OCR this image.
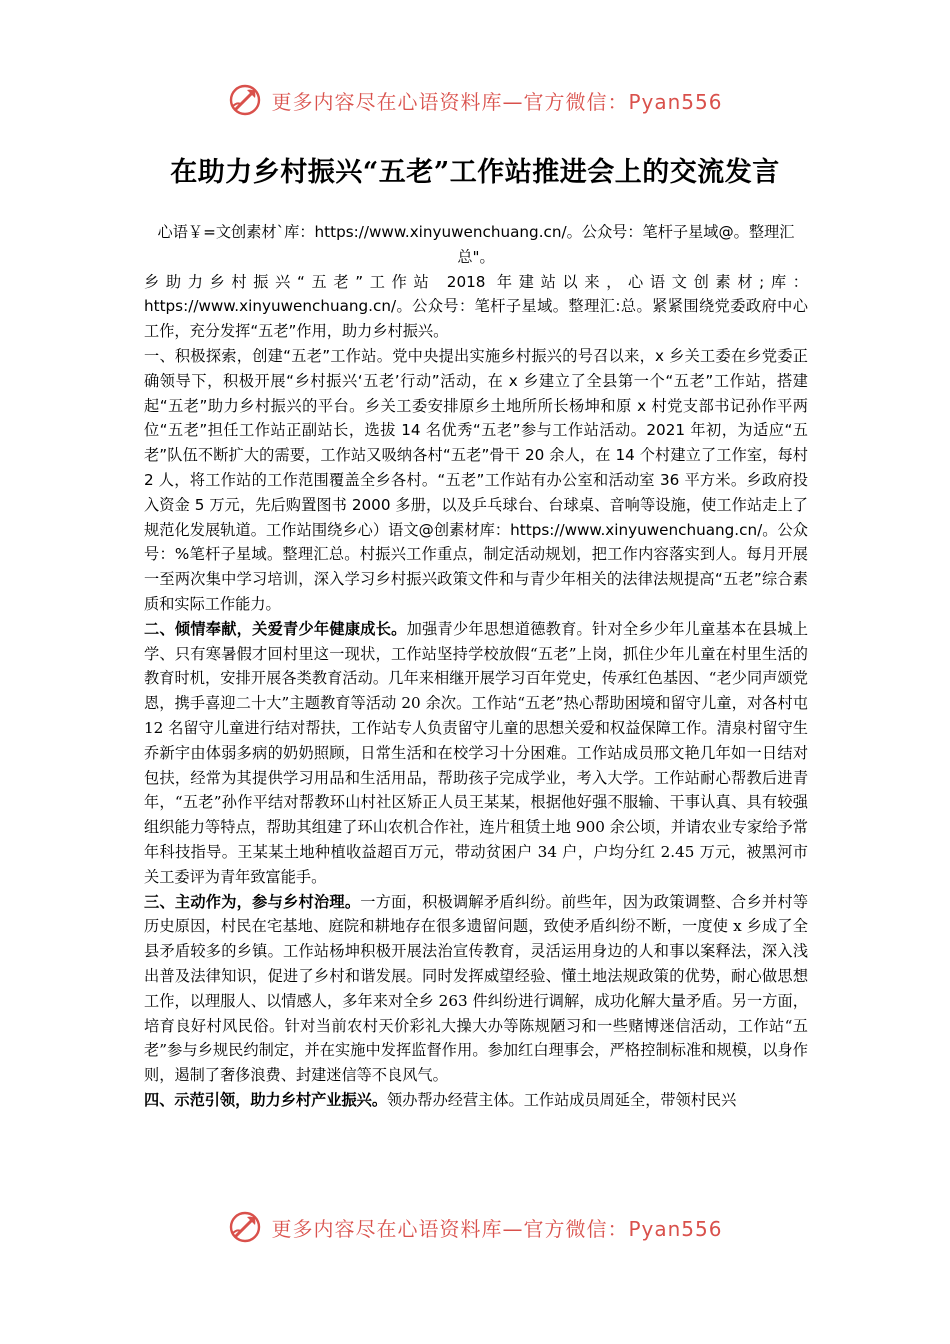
更多内容尽在心语资料库—官方微信：Pyan556
在助力乡村振兴“五老”工作站推进会上的交流发言

心语￥=文创素材`库：https://www.xinyuwenchuang.cn/。公众号：笔杆子星域@。整理汇总"。

乡助力乡村振兴“五老”工作站 2018 年建站以来，心语文创素材;库：https://www.xinyuwenchuang.cn/。公众号：笔杆子星域。整理汇:总。紧紧围绕党委政府中心工作，充分发挥“五老”作用，助力乡村振兴。

一、积极探索，创建“五老”工作站。党中央提出实施乡村振兴的号召以来，x 乡关工委在乡党委正确领导下，积极开展“乡村振兴‘五老’行动”活动，在 x 乡建立了全县第一个“五老”工作站，搭建起“五老”助力乡村振兴的平台。乡关工委安排原乡土地所所长杨坤和原 x 村党支部书记孙作平两位“五老”担任工作站正副站长，选拔 14 名优秀“五老”参与工作站活动。2021 年初，为适应“五老”队伍不断扩大的需要，工作站又吸纳各村“五老”骨干 20 余人，在 14 个村建立了工作室，每村 2 人，将工作站的工作范围覆盖全乡各村。“五老”工作站有办公室和活动室 36 平方米。乡政府投入资金 5 万元，先后购置图书 2000 多册，以及乒乓球台、台球桌、音响等设施，使工作站走上了规范化发展轨道。工作站围绕乡心）语文@创素材库：https://www.xinyuwenchuang.cn/。公众号：%笔杆子星域。整理汇总。村振兴工作重点，制定活动规划，把工作内容落实到人。每月开展一至两次集中学习培训，深入学习乡村振兴政策文件和与青少年相关的法律法规提高“五老”综合素质和实际工作能力。

二、倾情奉献，关爱青少年健康成长。加强青少年思想道德教育。针对全乡少年儿童基本在县城上学、只有寒暑假才回村里这一现状，工作站坚持学校放假“五老”上岗，抓住少年儿童在村里生活的教育时机，安排开展各类教育活动。几年来相继开展学习百年党史，传承红色基因、“老少同声颂党恩，携手喜迎二十大”主题教育等活动 20 余次。工作站“五老”热心帮助困境和留守儿童，对各村屯 12 名留守儿童进行结对帮扶，工作站专人负责留守儿童的思想关爱和权益保障工作。清泉村留守生乔新宇由体弱多病的奶奶照顾，日常生活和在校学习十分困难。工作站成员邢文艳几年如一日结对包扶，经常为其提供学习用品和生活用品，帮助孩子完成学业，考入大学。工作站耐心帮教后进青年，“五老”孙作平结对帮教环山村社区矫正人员王某某，根据他好强不服输、干事认真、具有较强组织能力等特点，帮助其组建了环山农机合作社，连片租赁土地 900 余公顷，并请农业专家给予常年科技指导。王某某土地种植收益超百万元，带动贫困户 34 户，户均分红 2.45 万元，被黑河市关工委评为青年致富能手。

三、主动作为，参与乡村治理。一方面，积极调解矛盾纠纷。前些年，因为政策调整、合乡并村等历史原因，村民在宅基地、庭院和耕地存在很多遗留问题，致使矛盾纠纷不断，一度使 x 乡成了全县矛盾较多的乡镇。工作站杨坤积极开展法治宣传教育，灵活运用身边的人和事以案释法，深入浅出普及法律知识，促进了乡村和谐发展。同时发挥威望经验、懂土地法规政策的优势，耐心做思想工作，以理服人、以情感人，多年来对全乡 263 件纠纷进行调解，成功化解大量矛盾。另一方面，培育良好村风民俗。针对当前农村天价彩礼大操大办等陈规陋习和一些赌博迷信活动，工作站“五老”参与乡规民约制定，并在实施中发挥监督作用。参加红白理事会，严格控制标准和规模，以身作则，遏制了奢侈浪费、封建迷信等不良风气。

四、示范引领，助力乡村产业振兴。领办帮办经营主体。工作站成员周延全，带领村民兴

更多内容尽在心语资料库—官方微信：Pyan556
